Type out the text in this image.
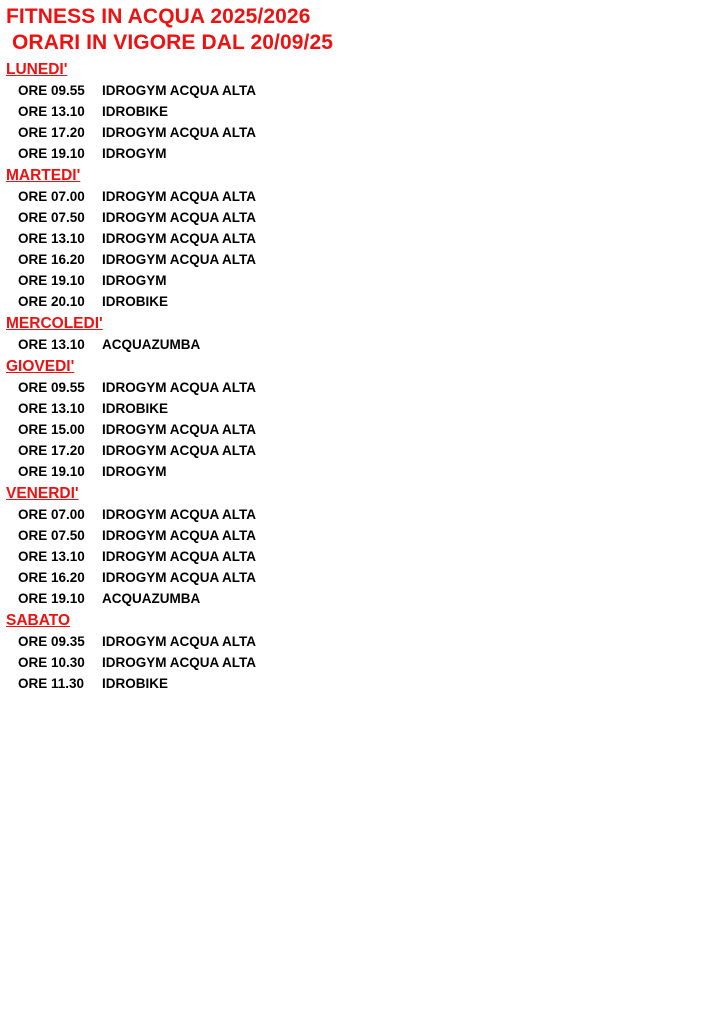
FITNESS IN ACQUA 2025/2026
ORARI IN VIGORE DAL 20/09/25
LUNEDI'
ORE 09.55	IDROGYM ACQUA ALTA
ORE 13.10	IDROBIKE
ORE 17.20	IDROGYM ACQUA ALTA
ORE 19.10	IDROGYM
MARTEDI'
ORE 07.00	IDROGYM ACQUA ALTA
ORE 07.50	IDROGYM ACQUA ALTA
ORE 13.10	IDROGYM ACQUA ALTA
ORE 16.20	IDROGYM ACQUA ALTA
ORE 19.10	IDROGYM
ORE 20.10	IDROBIKE
MERCOLEDI'
ORE 13.10	ACQUAZUMBA
GIOVEDI'
ORE 09.55	IDROGYM ACQUA ALTA
ORE 13.10	IDROBIKE
ORE 15.00	IDROGYM ACQUA ALTA
ORE 17.20	IDROGYM ACQUA ALTA
ORE 19.10	IDROGYM
VENERDI'
ORE 07.00	IDROGYM ACQUA ALTA
ORE 07.50	IDROGYM ACQUA ALTA
ORE 13.10	IDROGYM ACQUA ALTA
ORE 16.20	IDROGYM ACQUA ALTA
ORE 19.10	ACQUAZUMBA
SABATO
ORE 09.35	IDROGYM ACQUA ALTA
ORE 10.30	IDROGYM ACQUA ALTA
ORE 11.30	IDROBIKE
